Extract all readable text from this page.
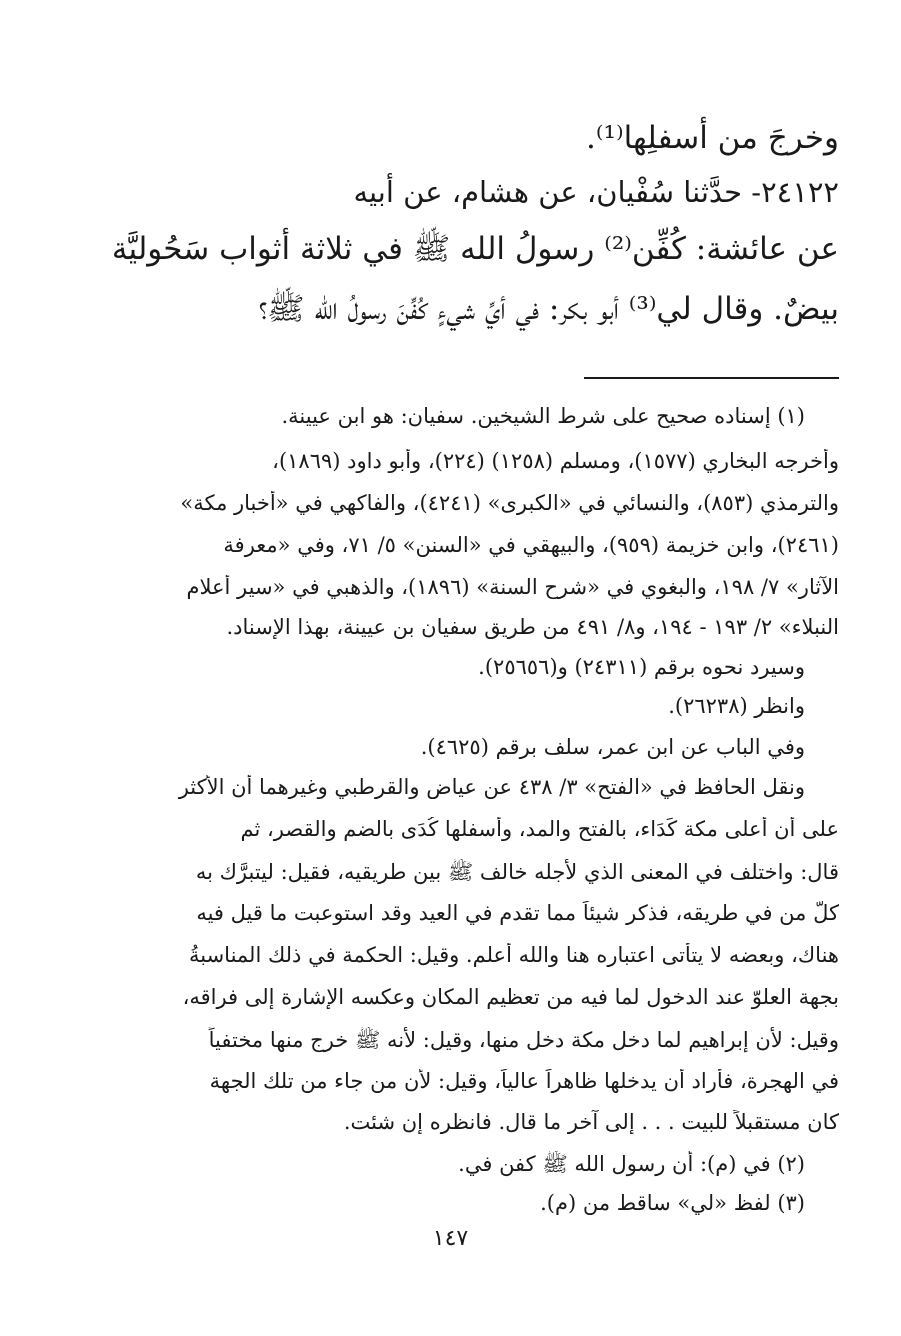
وخرجَ من أسفلِها⁽¹⁾.
٢٤١٢٢- حدَّثنا سُفْيان، عن هشام، عن أبيه
عن عائشة: كُفِّن⁽²⁾ رسولُ الله ﷺ في ثلاثة أثواب سَحُوليَّة
بيضٌ. وقال لي⁽³⁾ أبو بكر: في أيِّ شيءٍ كُفِّنَ رسولُ الله ﷺ؟
(١) إسناده صحيح على شرط الشيخين. سفيان: هو ابن عيينة.
وأخرجه البخاري (١٥٧٧)، ومسلم (١٢٥٨) (٢٢٤)، وأبو داود (١٨٦٩)،
والترمذي (٨٥٣)، والنسائي في «الكبرى» (٤٢٤١)، والفاكهي في «أخبار مكة»
(٢٤٦١)، وابن خزيمة (٩٥٩)، والبيهقي في «السنن» ٥/ ٧١، وفي «معرفة
الآثار» ٧/ ١٩٨، والبغوي في «شرح السنة» (١٨٩٦)، والذهبي في «سير أعلام
النبلاء» ٢/ ١٩٣ - ١٩٤، و٨/ ٤٩١ من طريق سفيان بن عيينة، بهذا الإسناد.
وسيرد نحوه برقم (٢٤٣١١) و(٢٥٦٥٦).
وانظر (٢٦٢٣٨).
وفي الباب عن ابن عمر، سلف برقم (٤٦٢٥).
ونقل الحافظ في «الفتح» ٣/ ٤٣٨ عن عياض والقرطبي وغيرهما أن الأكثر
على أن أعلى مكة كَدَاء، بالفتح والمد، وأسفلها كُدَى بالضم والقصر، ثم
قال: واختلف في المعنى الذي لأجله خالف ﷺ بين طريقيه، فقيل: ليتبرَّك به
كلُّ من في طريقه، فذكر شيئاً مما تقدم في العيد وقد استوعبت ما قيل فيه
هناك، وبعضه لا يتأتى اعتباره هنا والله أعلم. وقيل: الحكمة في ذلك المناسبةُ
بجهة العلوّ عند الدخول لما فيه من تعظيم المكان وعكسه الإشارة إلى فراقه،
وقيل: لأن إبراهيم لما دخل مكة دخل منها، وقيل: لأنه ﷺ خرج منها مختفياً
في الهجرة، فأراد أن يدخلها ظاهراً عالياً، وقيل: لأن من جاء من تلك الجهة
كان مستقبلاً للبيت . . . إلى آخر ما قال. فانظره إن شئت.
(٢) في (م): أن رسول الله ﷺ كفن في.
(٣) لفظ «لي» ساقط من (م).
١٤٧
